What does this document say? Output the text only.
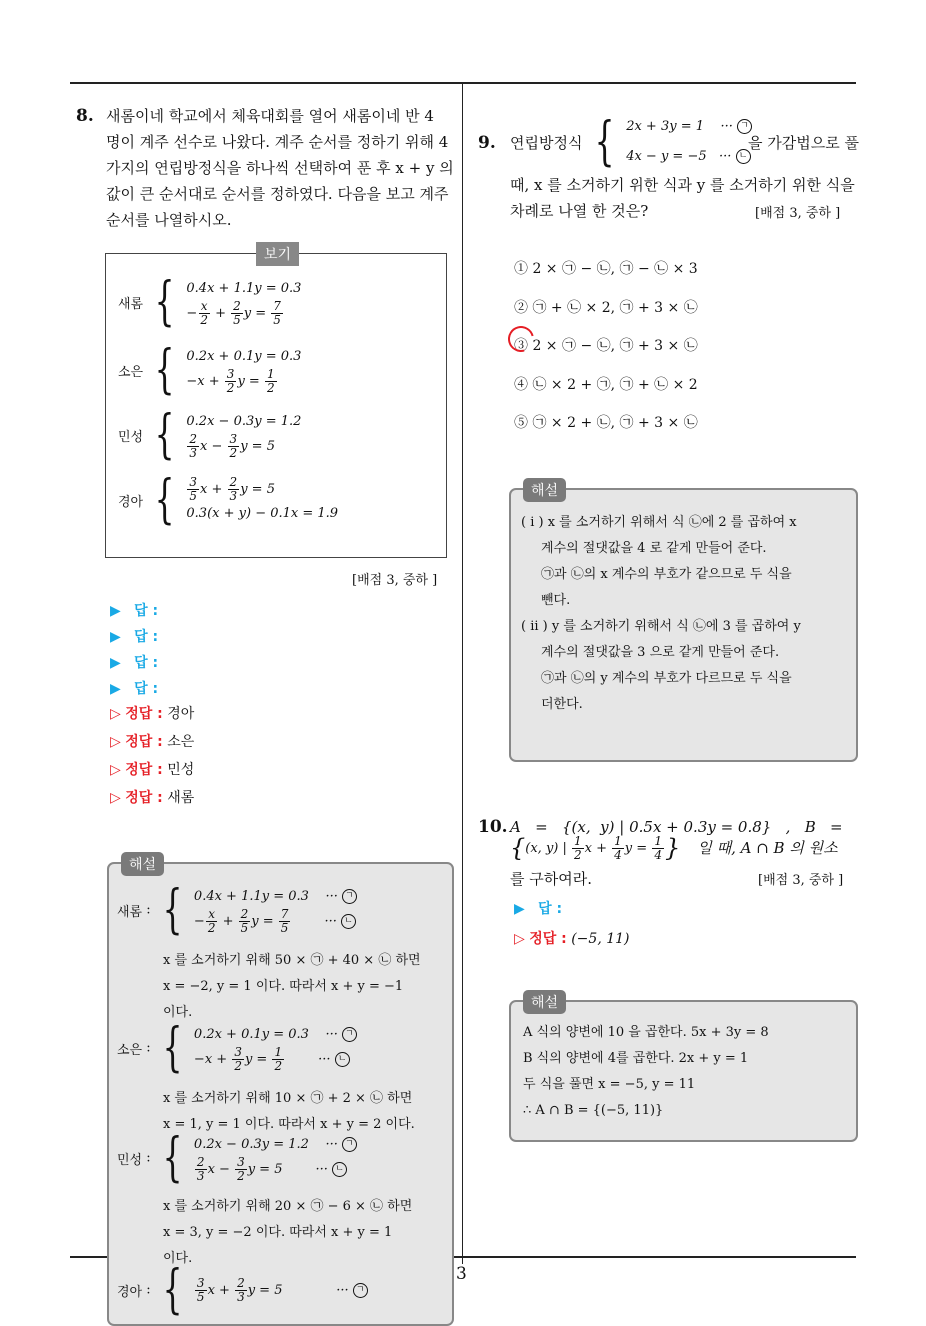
3
8. 새롬이네 학교에서 체육대회를 열어 새롬이네 반 4
명이 계주 선수로 나왔다. 계주 순서를 정하기 위해 4
가지의 연립방정식을 하나씩 선택하여 푼 후 x + y 의
값이 큰 순서대로 순서를 정하였다. 다음을 보고 계주
순서를 나열하시오.
보기
새롬 { 0.4x + 1.1y = 0.3
− $\frac{x}{2} + \frac{2}{5}$ $y = \frac{7}{5}$
소은 { 0.2x + 0.1y = 0.3
$-x + \frac{3}{2}$ $y = \frac{1}{2}$
민성 { 0.2x − 0.3y = 1.2
$\frac{2}{3}$ $x - \frac{3}{2}$ y = 5
경아 { $\frac{3}{5}$ $x + \frac{2}{3}$ y = 5
0.3(x + y) − 0.1x = 1.9
[배점 3, 중하 ]
▶ 답 :
▶ 답 :
▶ 답 :
▶ 답 :
▷ 정답 : 경아
▷ 정답 : 소은
▷ 정답 : 민성
▷ 정답 : 새롬
해설
새롬 : { 0.4x + 1.1y = 0.3    ··· ㄱ
− $\frac{x}{2} + \frac{2}{5}$ $y = \frac{7}{5}$ ··· ㄴ
x 를 소거하기 위해 50 × ㉠ + 40 × ㉡ 하면
x = −2, y = 1 이다. 따라서 x + y = −1
이다.
소은 : { 0.2x + 0.1y = 0.3    ··· ㄱ
$-x + \frac{3}{2}$ $y = \frac{1}{2}$ ··· ㄴ
x 를 소거하기 위해 10 × ㉠ + 2 × ㉡ 하면
x = 1, y = 1 이다. 따라서 x + y = 2 이다.
민성 : { 0.2x − 0.3y = 1.2    ··· ㄱ
$\frac{2}{3}$ $x - \frac{3}{2}$ y = 5        ··· ㄴ
x 를 소거하기 위해 20 × ㉠ − 6 × ㉡ 하면
x = 3, y = −2 이다. 따라서 x + y = 1
이다.
경아 : { $\frac{3}{5}$ $x + \frac{2}{3}$ y = 5             ··· ㄱ
9. 연립방정식 { 2x + 3y = 1    ··· ㄱ
4x − y = −5   ··· ㄴ
을 가감법으로 풀
때, x 를 소거하기 위한 식과 y 를 소거하기 위한 식을
차례로 나열 한 것은?	[배점 3, 중하 ]
① 2 × ㉠ − ㉡, ㉠ − ㉡ × 3
② ㉠ + ㉡ × 2, ㉠ + 3 × ㉡
③ 2 × ㉠ − ㉡, ㉠ + 3 × ㉡
④ ㉡ × 2 + ㉠, ㉠ + ㉡ × 2
⑤ ㉠ × 2 + ㉡, ㉠ + 3 × ㉡
해설
( i ) x 를 소거하기 위해서 식 ㉡에 2 를 곱하여 x
계수의 절댓값을 4 로 같게 만들어 준다.
㉠과 ㉡의 x 계수의 부호가 같으므로 두 식을
뺀다.
( ii ) y 를 소거하기 위해서 식 ㉡에 3 를 곱하여 y
계수의 절댓값을 3 으로 같게 만들어 준다.
㉠과 ㉡의 y 계수의 부호가 다르므로 두 식을
더한다.
10. A   =   {(x,  y) | 0.5x + 0.3y = 0.8}   ,   B   =
{(x, y) | $\frac{1}{2}$ $x + \frac{1}{4}$ $y = \frac{1}{4}$ } 일 때, A ∩ B 의 원소
를 구하여라.	[배점 3, 중하 ]
▶ 답 :
▷ 정답 : (−5, 11)
해설
A 식의 양변에 10 을 곱한다. 5x + 3y = 8
B 식의 양변에 4를 곱한다. 2x + y = 1
두 식을 풀면 x = −5, y = 11
∴ A ∩ B = {(−5, 11)}
